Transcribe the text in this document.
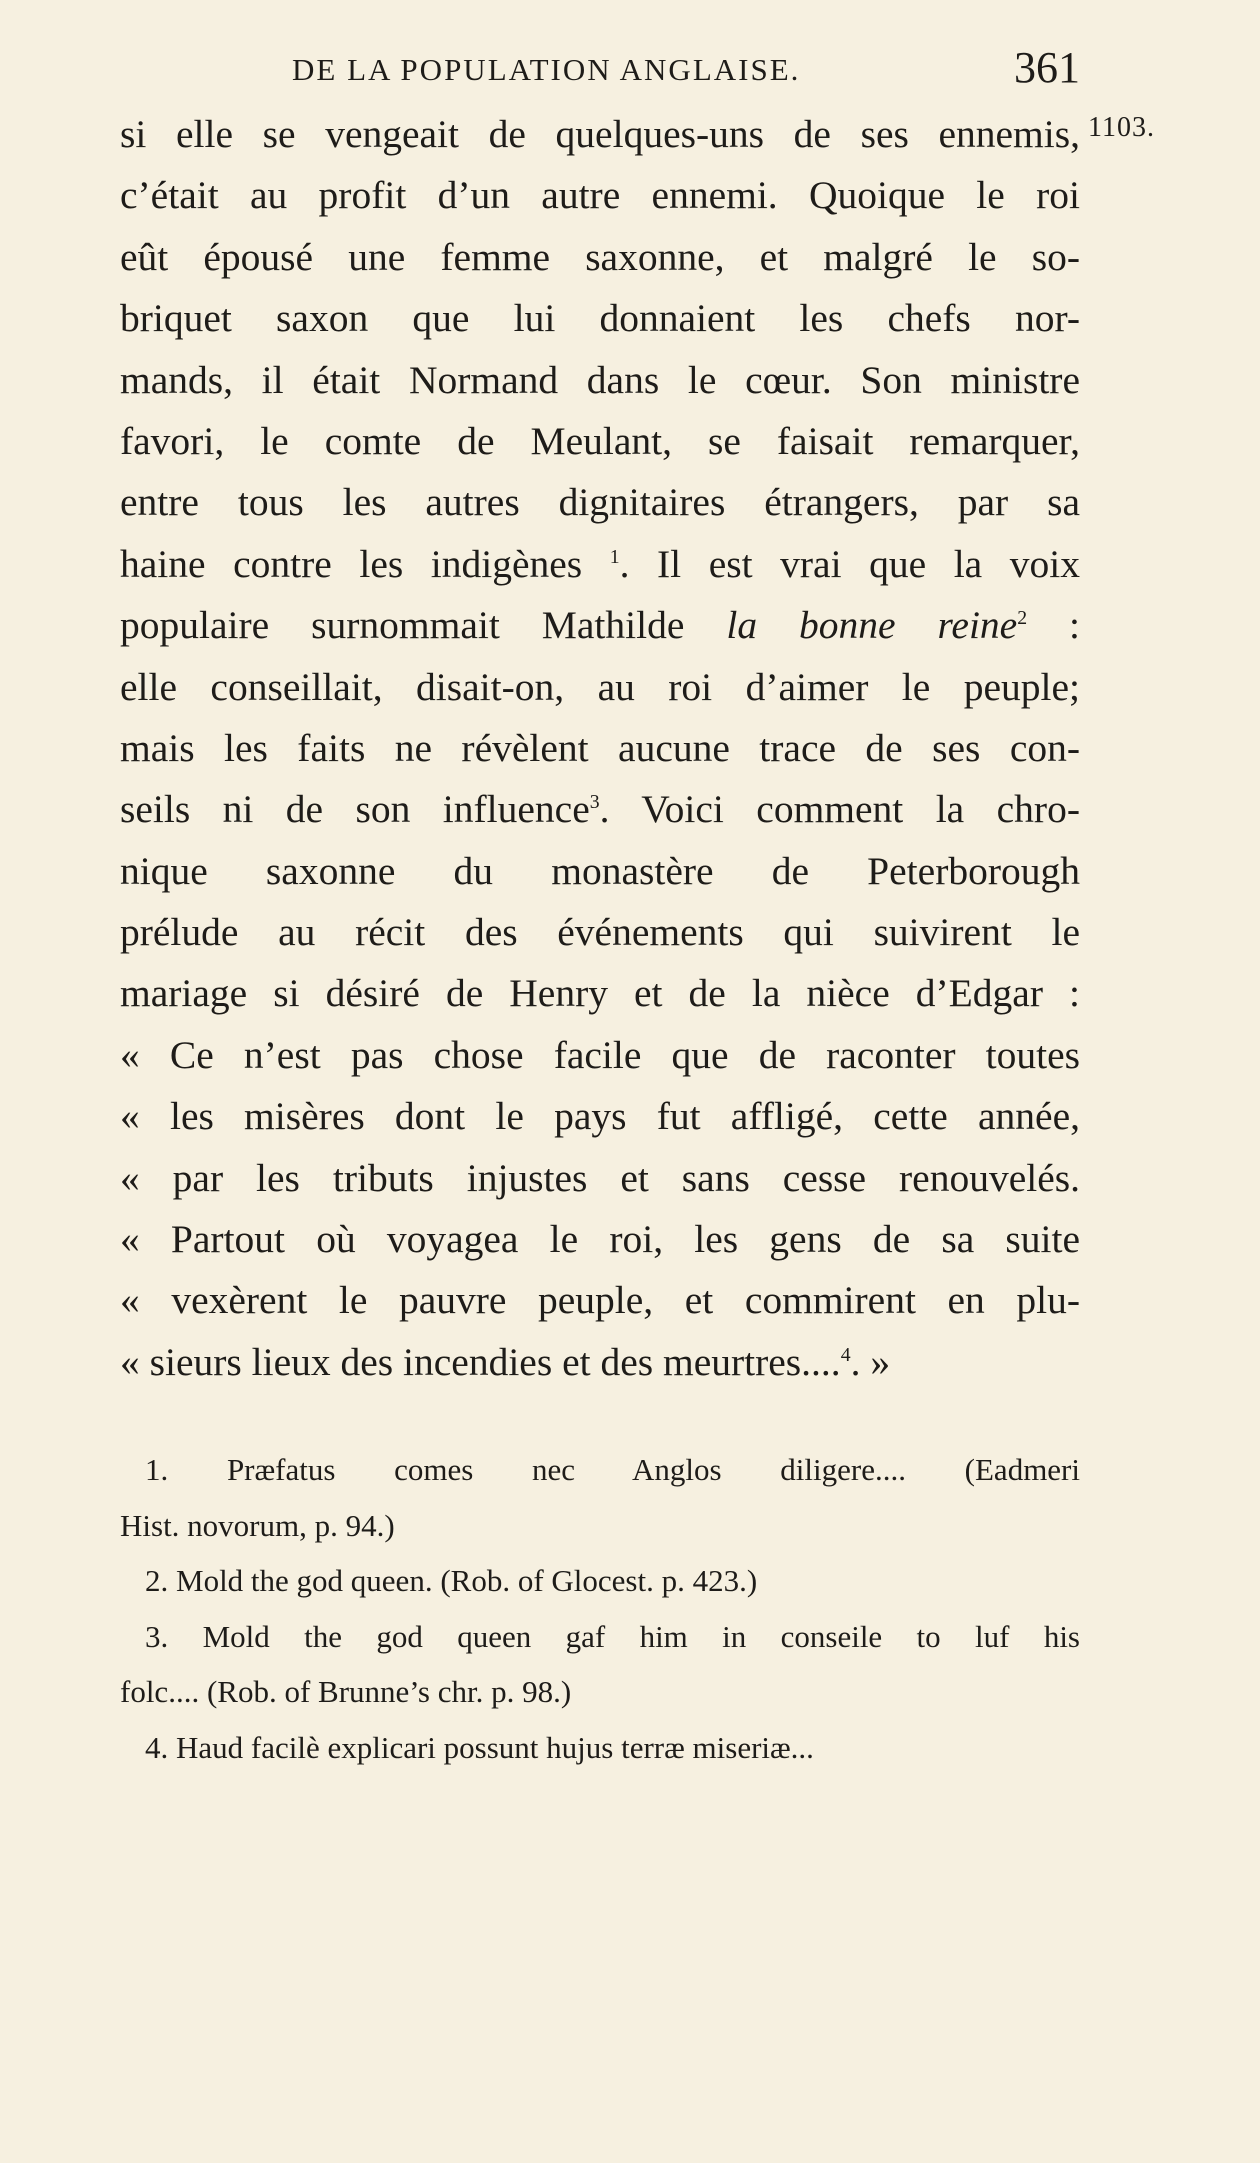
DE LA POPULATION ANGLAISE.	361
1103.
si elle se vengeait de quelques-uns de ses ennemis,
c’était au profit d’un autre ennemi. Quoique le roi
eût épousé une femme saxonne, et malgré le so-
briquet saxon que lui donnaient les chefs nor-
mands, il était Normand dans le cœur. Son ministre
favori, le comte de Meulant, se faisait remarquer,
entre tous les autres dignitaires étrangers, par sa
haine contre les indigènes $^1$. Il est vrai que la voix
populaire surnommait Mathilde la bonne reine$^2$ :
elle conseillait, disait-on, au roi d’aimer le peuple;
mais les faits ne révèlent aucune trace de ses con-
seils ni de son influence$^3$. Voici comment la chro-
nique saxonne du monastère de Peterborough
prélude au récit des événements qui suivirent le
mariage si désiré de Henry et de la nièce d’Edgar :
« Ce n’est pas chose facile que de raconter toutes
« les misères dont le pays fut affligé, cette année,
« par les tributs injustes et sans cesse renouvelés.
« Partout où voyagea le roi, les gens de sa suite
« vexèrent le pauvre peuple, et commirent en plu-
« sieurs lieux des incendies et des meurtres....$^4$. »
1. Præfatus comes nec Anglos diligere.... (Eadmeri
Hist. novorum, p. 94.)
2. Mold the god queen. (Rob. of Glocest. p. 423.)
3. Mold the god queen gaf him in conseile to luf his
folc.... (Rob. of Brunne’s chr. p. 98.)
4. Haud facilè explicari possunt hujus terræ miseriæ...
